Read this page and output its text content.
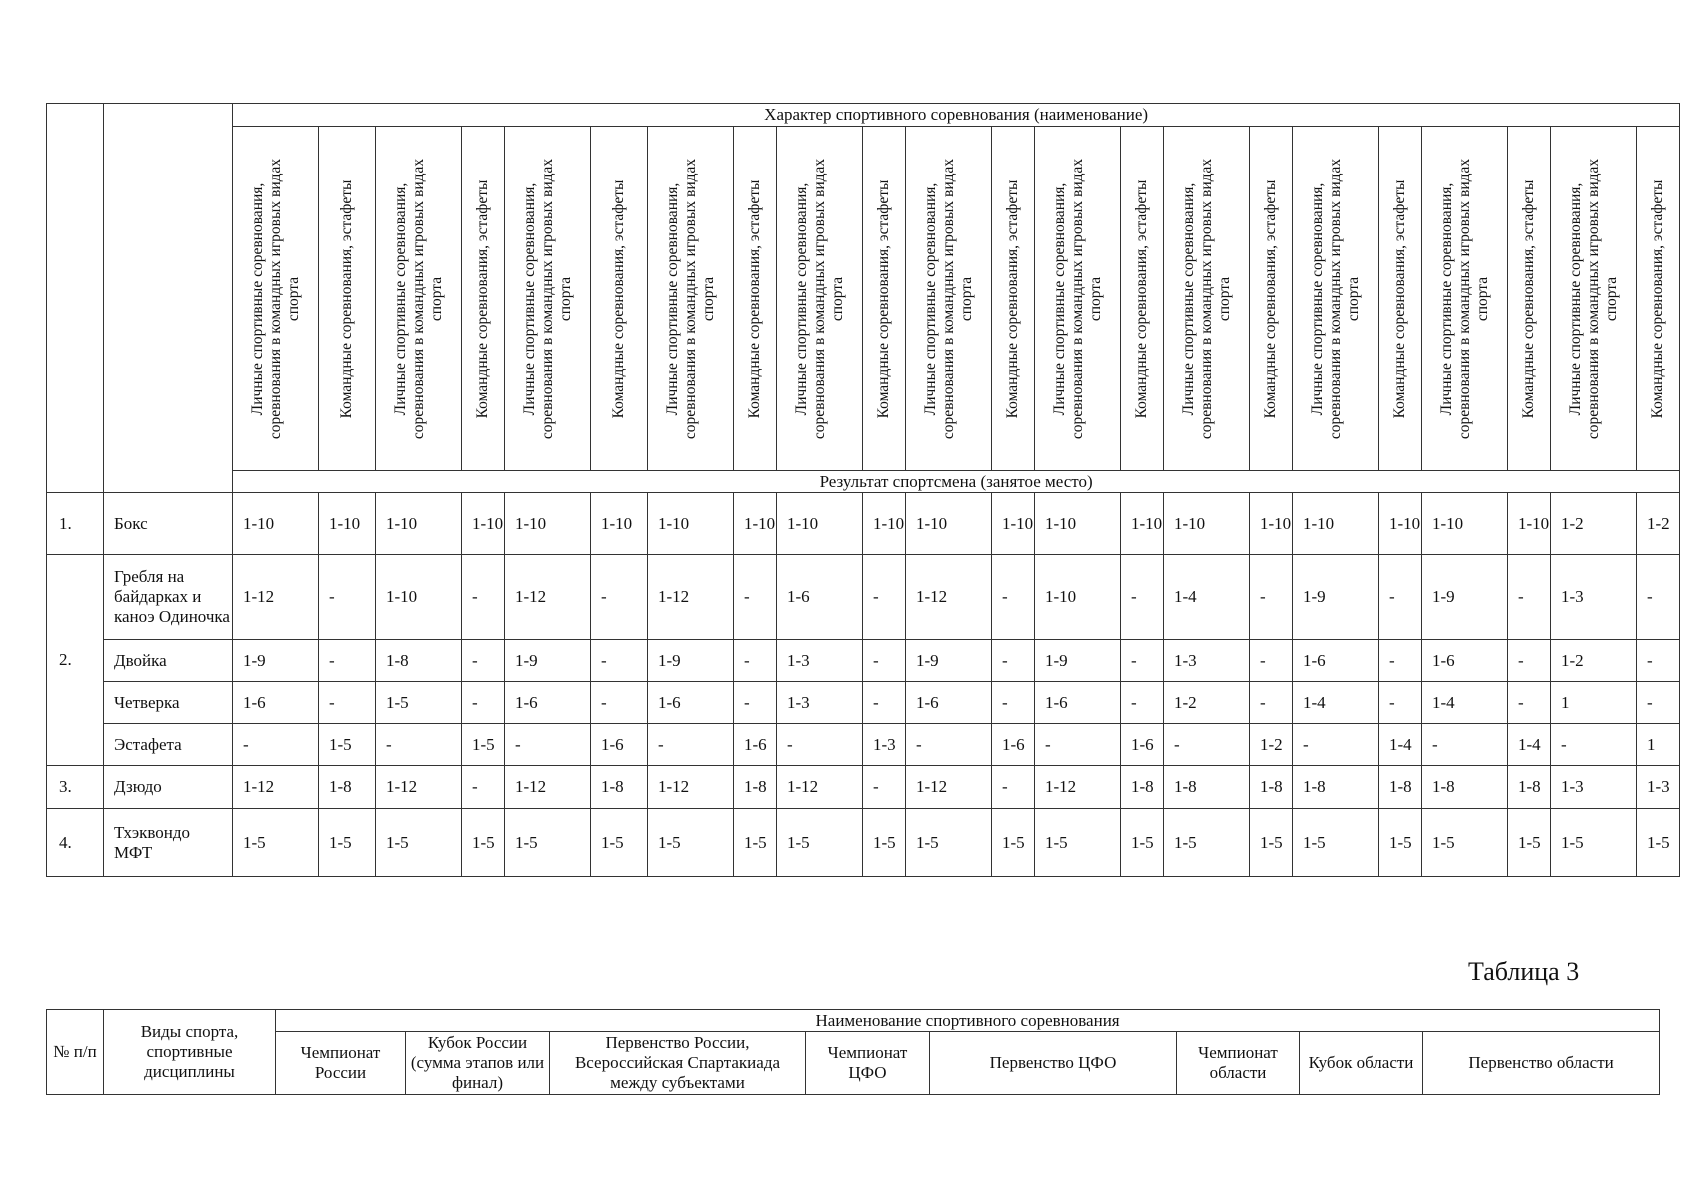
		Характер спортивного соревнования (наименование)																					

		Личные спортивные соревнования, соревнования в командных игровых видах спорта	Командные соревнования, эстафеты	Личные спортивные соревнования, соревнования в командных игровых видах спорта	Командные соревнования, эстафеты	Личные спортивные соревнования, соревнования в командных игровых видах спорта	Командные соревнования, эстафеты	Личные спортивные соревнования, соревнования в командных игровых видах спорта	Командные соревнования, эстафеты	Личные спортивные соревнования, соревнования в командных игровых видах спорта	Командные соревнования, эстафеты	Личные спортивные соревнования, соревнования в командных игровых видах спорта	Командные соревнования, эстафеты	Личные спортивные соревнования, соревнования в командных игровых видах спорта	Командные соревнования, эстафеты	Личные спортивные соревнования, соревнования в командных игровых видах спорта	Командные соревнования, эстафеты	Личные спортивные соревнования, соревнования в командных игровых видах спорта	Командные соревнования, эстафеты	Личные спортивные соревнования, соревнования в командных игровых видах спорта	Командные соревнования, эстафеты	Личные спортивные соревнования, соревнования в командных игровых видах спорта	Командные соревнования, эстафеты

		Результат спортсмена (занятое место)																					
1.	Бокс	1-10	1-10	1-10	1-10	1-10	1-10	1-10	1-10	1-10	1-10	1-10	1-10	1-10	1-10	1-10	1-10	1-10	1-10	1-10	1-10	1-2	1-2
2.	Гребля на байдарках и каноэ Одиночка	1-12	-	1-10	-	1-12	-	1-12	-	1-6	-	1-12	-	1-10	-	1-4	-	1-9	-	1-9	-	1-3	-
	Двойка	1-9	-	1-8	-	1-9	-	1-9	-	1-3	-	1-9	-	1-9	-	1-3	-	1-6	-	1-6	-	1-2	-
	Четверка	1-6	-	1-5	-	1-6	-	1-6	-	1-3	-	1-6	-	1-6	-	1-2	-	1-4	-	1-4	-	1	-
	Эстафета	-	1-5	-	1-5	-	1-6	-	1-6	-	1-3	-	1-6	-	1-6	-	1-2	-	1-4	-	1-4	-	1
3.	Дзюдо	1-12	1-8	1-12	-	1-12	1-8	1-12	1-8	1-12	-	1-12	-	1-12	1-8	1-8	1-8	1-8	1-8	1-8	1-8	1-3	1-3
4.	Тхэквондо МФТ	1-5	1-5	1-5	1-5	1-5	1-5	1-5	1-5	1-5	1-5	1-5	1-5	1-5	1-5	1-5	1-5	1-5	1-5	1-5	1-5	1-5	1-5
Таблица 3
№ п/п	Виды спорта, спортивные дисциплины	Наименование спортивного соревнования							
		Чемпионат России	Кубок России (сумма этапов или финал)	Первенство России, Всероссийская Спартакиада между субъектами	Чемпионат ЦФО	Первенство ЦФО	Чемпионат области	Кубок области	Первенство области
